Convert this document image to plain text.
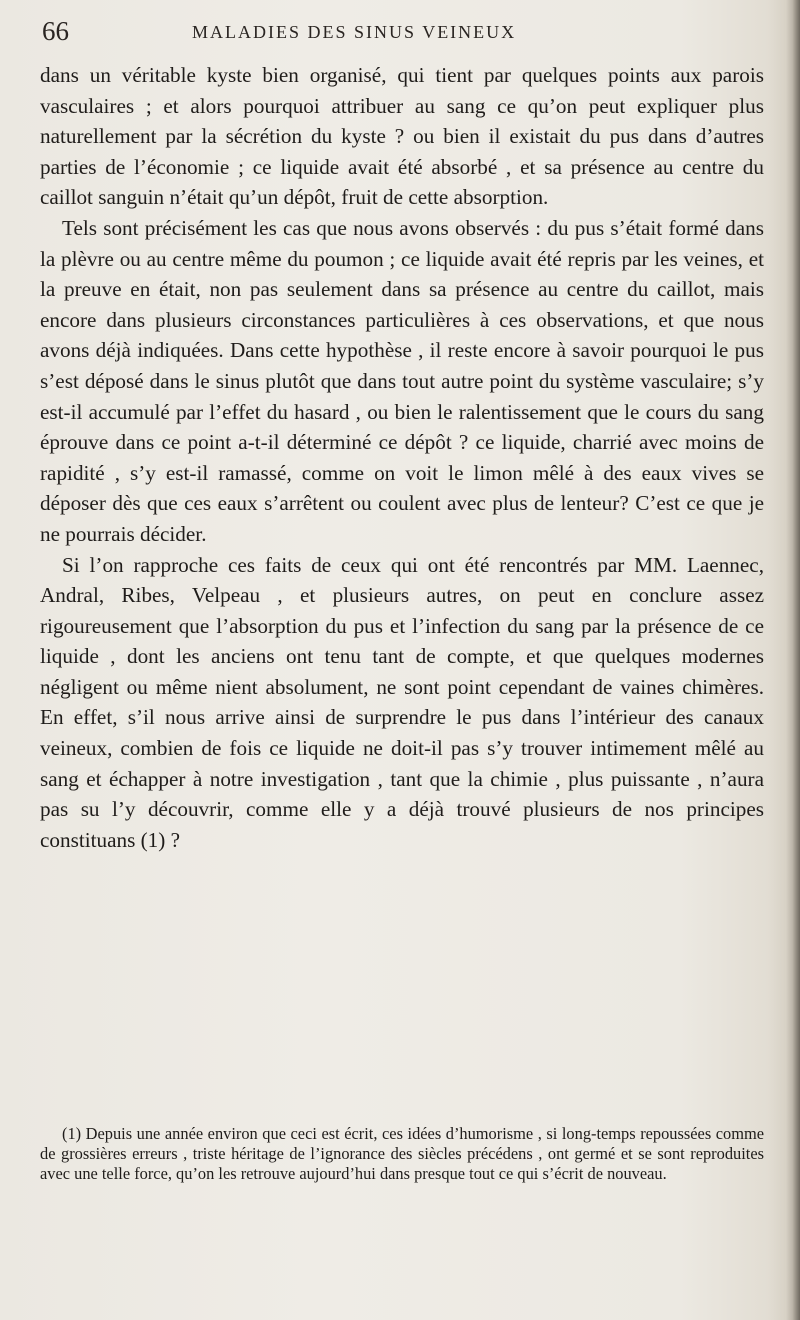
66	MALADIES DES SINUS VEINEUX

dans un véritable kyste bien organisé, qui tient par quelques points aux parois vasculaires ; et alors pourquoi attribuer au sang ce qu’on peut expliquer plus naturellement par la sécrétion du kyste ? ou bien il existait du pus dans d’autres parties de l’économie ; ce liquide avait été absorbé , et sa présence au centre du caillot sanguin n’était qu’un dépôt, fruit de cette absorption.

Tels sont précisément les cas que nous avons observés : du pus s’était formé dans la plèvre ou au centre même du poumon ; ce liquide avait été repris par les veines, et la preuve en était, non pas seulement dans sa présence au centre du caillot, mais encore dans plusieurs circonstances particulières à ces observations, et que nous avons déjà indiquées. Dans cette hypothèse , il reste encore à savoir pourquoi le pus s’est déposé dans le sinus plutôt que dans tout autre point du système vasculaire; s’y est-il accumulé par l’effet du hasard , ou bien le ralentissement que le cours du sang éprouve dans ce point a-t-il déterminé ce dépôt ? ce liquide, charrié avec moins de rapidité , s’y est-il ramassé, comme on voit le limon mêlé à des eaux vives se déposer dès que ces eaux s’arrêtent ou coulent avec plus de lenteur? C’est ce que je ne pourrais décider.

Si l’on rapproche ces faits de ceux qui ont été rencontrés par MM. Laennec, Andral, Ribes, Velpeau , et plusieurs autres, on peut en conclure assez rigoureusement que l’absorption du pus et l’infection du sang par la présence de ce liquide , dont les anciens ont tenu tant de compte, et que quelques modernes négligent ou même nient absolument, ne sont point cependant de vaines chimères. En effet, s’il nous arrive ainsi de surprendre le pus dans l’intérieur des canaux veineux, combien de fois ce liquide ne doit-il pas s’y trouver intimement mêlé au sang et échapper à notre investigation , tant que la chimie , plus puissante , n’aura pas su l’y découvrir, comme elle y a déjà trouvé plusieurs de nos principes constituans (1) ?

(1) Depuis une année environ que ceci est écrit, ces idées d’humorisme , si long-temps repoussées comme de grossières erreurs , triste héritage de l’ignorance des siècles précédens , ont germé et se sont reproduites avec une telle force, qu’on les retrouve aujourd’hui dans presque tout ce qui s’écrit de nouveau.
